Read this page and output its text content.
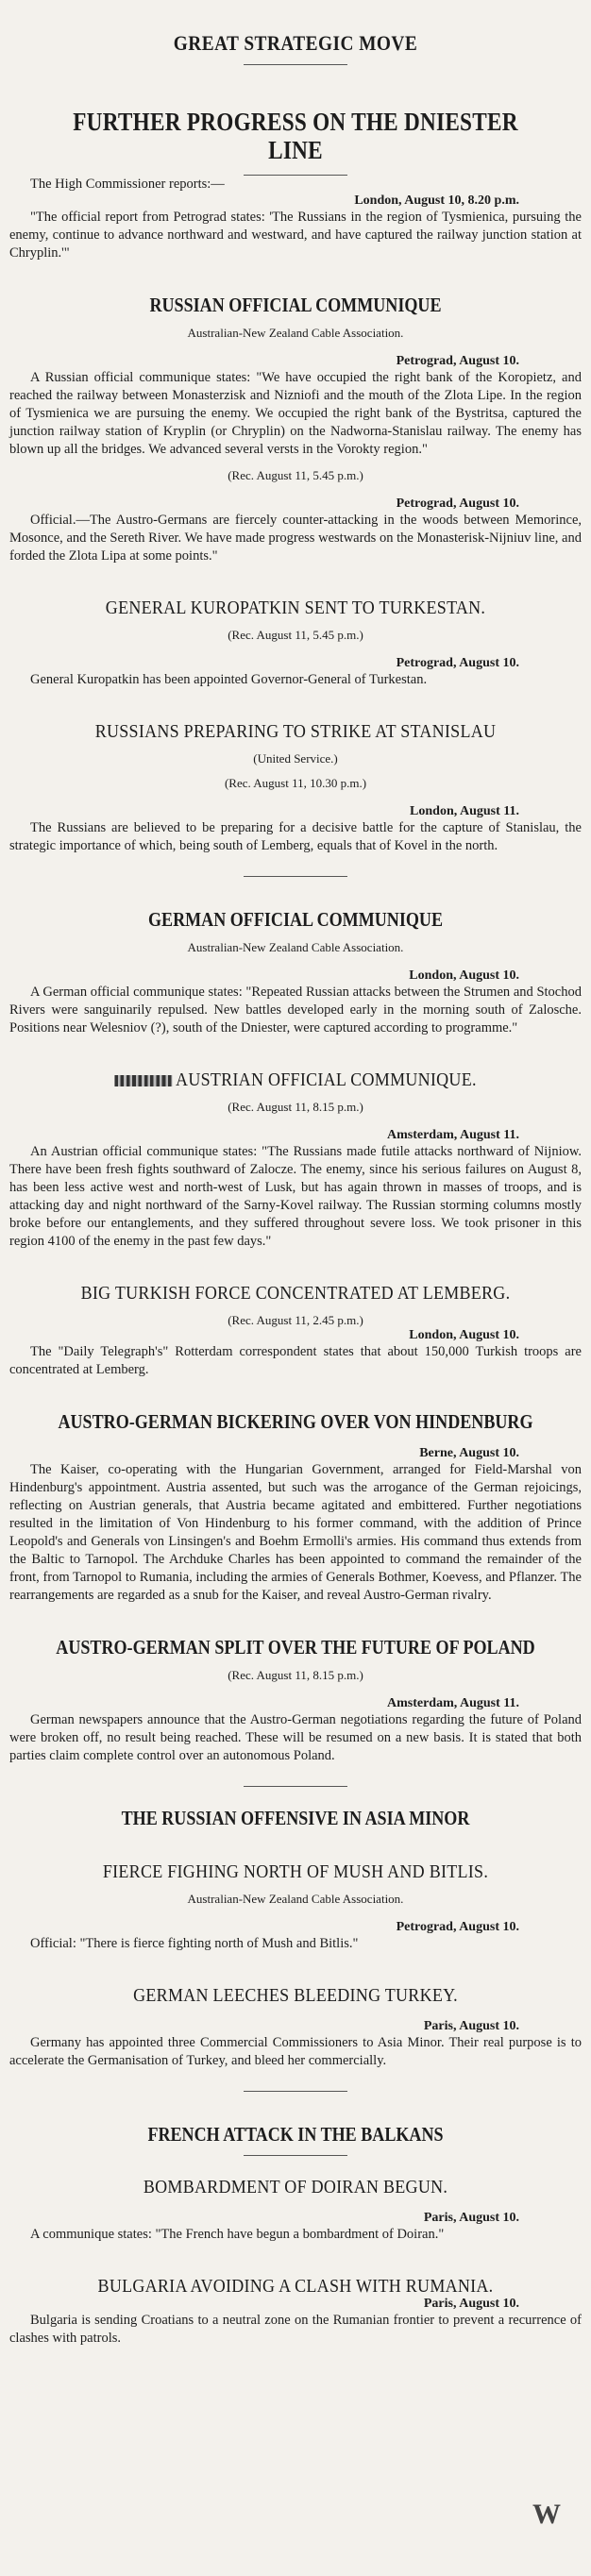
GREAT STRATEGIC MOVE
FURTHER PROGRESS ON THE DNIESTER LINE

The High Commissioner reports:—

London, August 10, 8.20 p.m.

"The official report from Petrograd states: 'The Russians in the region of Tysmienica, pursuing the enemy, continue to advance northward and westward, and have captured the railway junction station at Chryplin.'"

RUSSIAN OFFICIAL COMMUNIQUE

Australian-New Zealand Cable Association.

Petrograd, August 10.

A Russian official communique states: "We have occupied the right bank of the Koropietz, and reached the railway between Monasterzisk and Nizniofi and the mouth of the Zlota Lipe. In the region of Tysmienica we are pursuing the enemy. We occupied the right bank of the Bystritsa, captured the junction railway station of Kryplin (or Chryplin) on the Nadworna-Stanislau railway. The enemy has blown up all the bridges. We advanced several versts in the Vorokty region."

(Rec. August 11, 5.45 p.m.)

Petrograd, August 10.

Official.—The Austro-Germans are fiercely counter-attacking in the woods between Memorince, Mosonce, and the Sereth River. We have made progress westwards on the Monasterisk-Nijniuv line, and forded the Zlota Lipa at some points."

GENERAL KUROPATKIN SENT TO TURKESTAN.

(Rec. August 11, 5.45 p.m.)

Petrograd, August 10.

General Kuropatkin has been appointed Governor-General of Turkestan.

RUSSIANS PREPARING TO STRIKE AT STANISLAU

(United Service.)

(Rec. August 11, 10.30 p.m.)

London, August 11.

The Russians are believed to be preparing for a decisive battle for the capture of Stanislau, the strategic importance of which, being south of Lemberg, equals that of Kovel in the north.

GERMAN OFFICIAL COMMUNIQUE

Australian-New Zealand Cable Association.

London, August 10.

A German official communique states: "Repeated Russian attacks between the Strumen and Stochod Rivers were sanguinarily repulsed. New battles developed early in the morning south of Zalosche. Positions near Welesniov (?), south of the Dniester, were captured according to programme."

AUSTRIAN OFFICIAL COMMUNIQUE.

(Rec. August 11, 8.15 p.m.)

Amsterdam, August 11.

An Austrian official communique states: "The Russians made futile attacks northward of Nijniow. There have been fresh fights southward of Zalocze. The enemy, since his serious failures on August 8, has been less active west and north-west of Lusk, but has again thrown in masses of troops, and is attacking day and night northward of the Sarny-Kovel railway. The Russian storming columns mostly broke before our entanglements, and they suffered throughout severe loss. We took prisoner in this region 4100 of the enemy in the past few days."

BIG TURKISH FORCE CONCENTRATED AT LEMBERG.

(Rec. August 11, 2.45 p.m.)

London, August 10.

The "Daily Telegraph's" Rotterdam correspondent states that about 150,000 Turkish troops are concentrated at Lemberg.

AUSTRO-GERMAN BICKERING OVER VON HINDENBURG

Berne, August 10.

The Kaiser, co-operating with the Hungarian Government, arranged for Field-Marshal von Hindenburg's appointment. Austria assented, but such was the arrogance of the German rejoicings, reflecting on Austrian generals, that Austria became agitated and embittered. Further negotiations resulted in the limitation of Von Hindenburg to his former command, with the addition of Prince Leopold's and Generals von Linsingen's and Boehm Ermolli's armies. His command thus extends from the Baltic to Tarnopol. The Archduke Charles has been appointed to command the remainder of the front, from Tarnopol to Rumania, including the armies of Generals Bothmer, Koevess, and Pflanzer. The rearrangements are regarded as a snub for the Kaiser, and reveal Austro-German rivalry.

AUSTRO-GERMAN SPLIT OVER THE FUTURE OF POLAND

(Rec. August 11, 8.15 p.m.)

Amsterdam, August 11.

German newspapers announce that the Austro-German negotiations regarding the future of Poland were broken off, no result being reached. These will be resumed on a new basis. It is stated that both parties claim complete control over an autonomous Poland.

THE RUSSIAN OFFENSIVE IN ASIA MINOR
FIERCE FIGHING NORTH OF MUSH AND BITLIS.

Australian-New Zealand Cable Association.

Petrograd, August 10.

Official: "There is fierce fighting north of Mush and Bitlis."

GERMAN LEECHES BLEEDING TURKEY.

Paris, August 10.

Germany has appointed three Commercial Commissioners to Asia Minor. Their real purpose is to accelerate the Germanisation of Turkey, and bleed her commercially.

FRENCH ATTACK IN THE BALKANS
BOMBARDMENT OF DOIRAN BEGUN.

Paris, August 10.

A communique states: "The French have begun a bombardment of Doiran."

BULGARIA AVOIDING A CLASH WITH RUMANIA.

Paris, August 10.

Bulgaria is sending Croatians to a neutral zone on the Rumanian frontier to prevent a recurrence of clashes with patrols.

W
